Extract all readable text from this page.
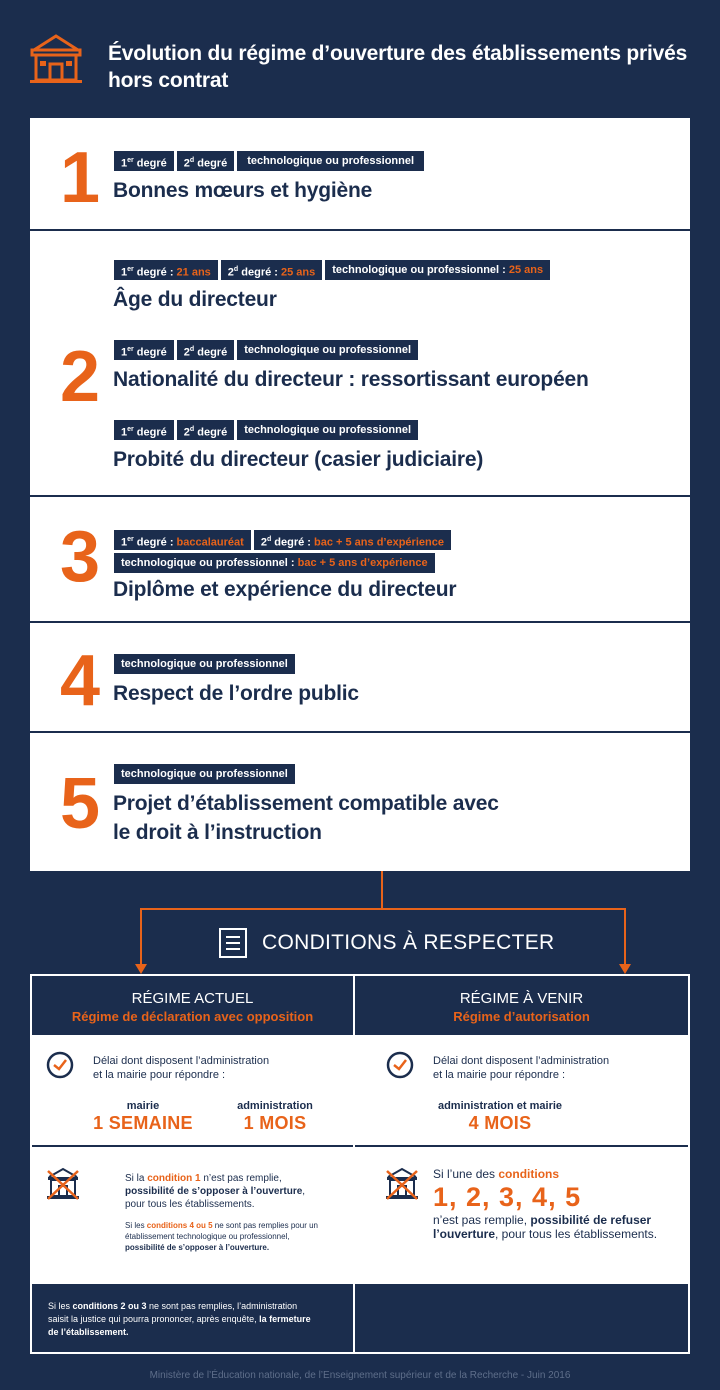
Évolution du régime d’ouverture des établissements privés hors contrat
1	1er degré	2$^d$ degré	technologique ou professionnel
Bonnes mœurs et hygiène
2
1er degré : 21 ans	2$^d$ degré : 25 ans	technologique ou professionnel : 25 ans
Âge du directeur
1er degré	2$^d$ degré	technologique ou professionnel
Nationalité du directeur : ressortissant européen
1er degré	2$^d$ degré	technologique ou professionnel
Probité du directeur (casier judiciaire)
3	1er degré : baccalauréat	2$^d$ degré : bac + 5 ans d’expérience
technologique ou professionnel : bac + 5 ans d’expérience
Diplôme et expérience du directeur
4	technologique ou professionnel
Respect de l’ordre public
5	technologique ou professionnel
Projet d’établissement compatible avec
le droit à l’instruction
CONDITIONS À RESPECTER
RÉGIME ACTUEL
Régime de déclaration avec opposition
RÉGIME À VENIR
Régime d’autorisation
Délai dont disposent l’administration
et la mairie pour répondre :
mairie
1 SEMAINE
administration
1 MOIS
Délai dont disposent l’administration
et la mairie pour répondre :
administration et mairie
4 MOIS
Si la condition 1 n’est pas remplie,
possibilité de s’opposer à l’ouverture,
pour tous les établissements.
Si les conditions 4 ou 5 ne sont pas remplies pour un
établissement technologique ou professionnel,
possibilité de s’opposer à l’ouverture.
Si l’une des conditions
1, 2, 3, 4, 5
n’est pas remplie, possibilité de refuser
l’ouverture, pour tous les établissements.
Si les conditions 2 ou 3 ne sont pas remplies, l’administration
saisit la justice qui pourra prononcer, après enquête, la fermeture
de l’établissement.
Ministère de l’Éducation nationale, de l’Enseignement supérieur et de la Recherche - Juin 2016
